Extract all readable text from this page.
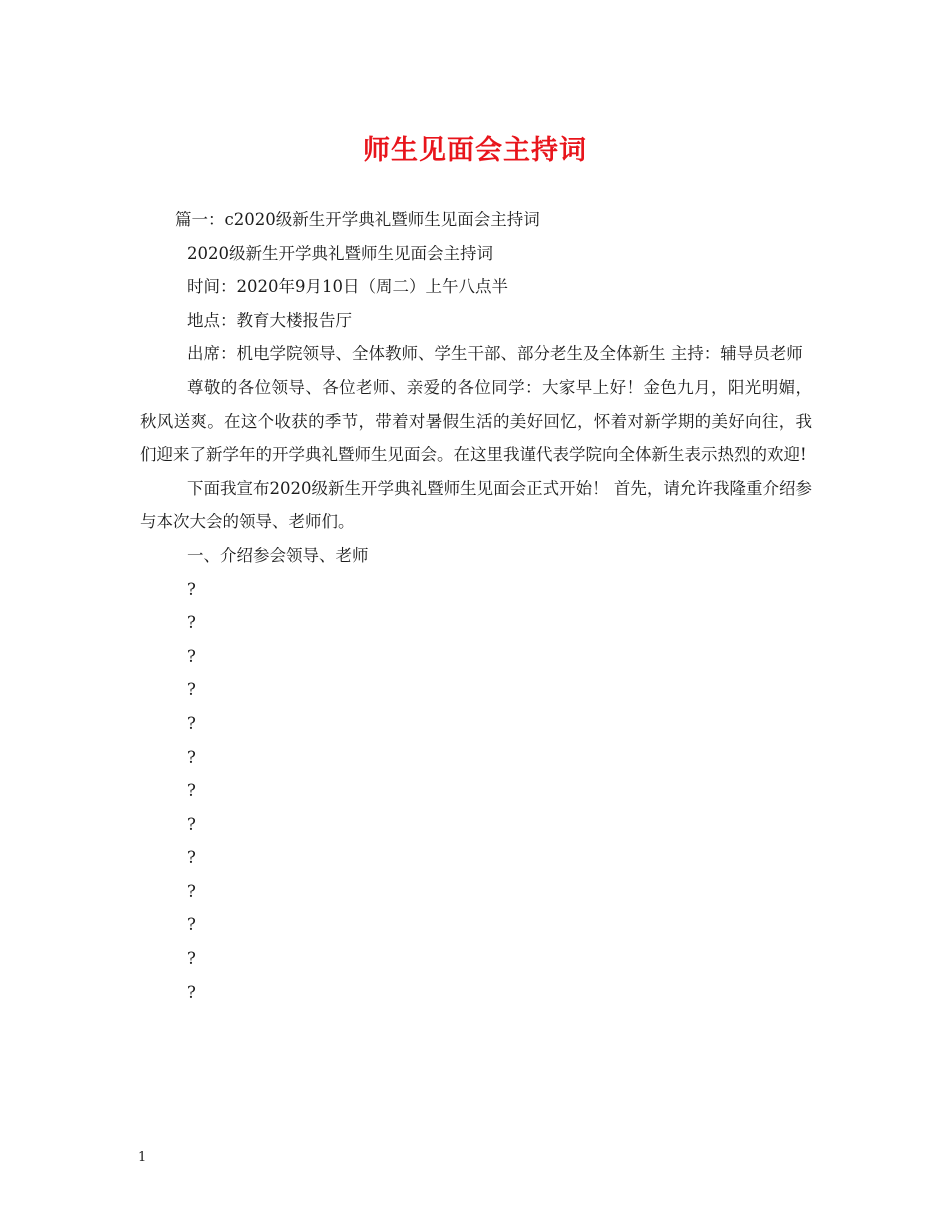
师生见面会主持词

篇一：c2020级新生开学典礼暨师生见面会主持词

2020级新生开学典礼暨师生见面会主持词

时间：2020年9月10日（周二）上午八点半

地点：教育大楼报告厅

出席：机电学院领导、全体教师、学生干部、部分老生及全体新生 主持：辅导员老师

尊敬的各位领导、各位老师、亲爱的各位同学：大家早上好！金色九月，阳光明媚，秋风送爽。在这个收获的季节，带着对暑假生活的美好回忆，怀着对新学期的美好向往，我们迎来了新学年的开学典礼暨师生见面会。在这里我谨代表学院向全体新生表示热烈的欢迎!

下面我宣布2020级新生开学典礼暨师生见面会正式开始！ 首先，请允许我隆重介绍参与本次大会的领导、老师们。

一、介绍参会领导、老师

?
?
?
?
?
?
?
?
?
?
?
?
?
1
